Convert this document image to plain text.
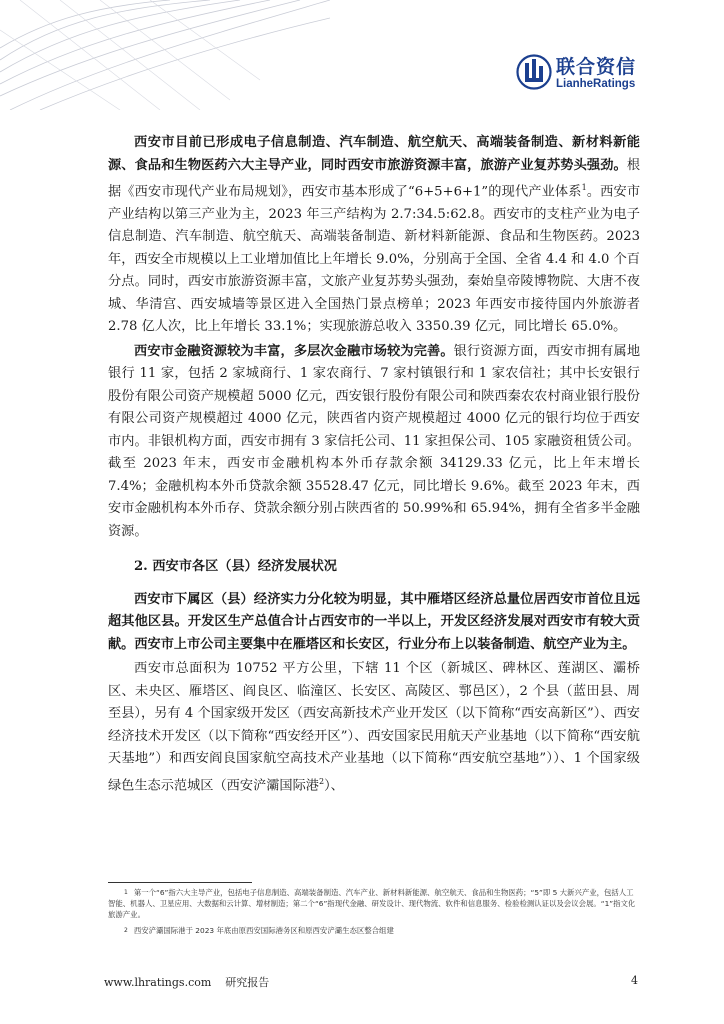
联合资信
LianheRatings

西安市目前已形成电子信息制造、汽车制造、航空航天、高端装备制造、新材料新能源、食品和生物医药六大主导产业，同时西安市旅游资源丰富，旅游产业复苏势头强劲。根据《西安市现代产业布局规划》，西安市基本形成了“6+5+6+1”的现代产业体系$^1$。西安市产业结构以第三产业为主，2023 年三产结构为 2.7:34.5:62.8。西安市的支柱产业为电子信息制造、汽车制造、航空航天、高端装备制造、新材料新能源、食品和生物医药。2023 年，西安全市规模以上工业增加值比上年增长 9.0%，分别高于全国、全省 4.4 和 4.0 个百分点。同时，西安市旅游资源丰富，文旅产业复苏势头强劲，秦始皇帝陵博物院、大唐不夜城、华清宫、西安城墙等景区进入全国热门景点榜单；2023 年西安市接待国内外旅游者 2.78 亿人次，比上年增长 33.1%；实现旅游总收入 3350.39 亿元，同比增长 65.0%。

西安市金融资源较为丰富，多层次金融市场较为完善。银行资源方面，西安市拥有属地银行 11 家，包括 2 家城商行、1 家农商行、7 家村镇银行和 1 家农信社；其中长安银行股份有限公司资产规模超 5000 亿元，西安银行股份有限公司和陕西秦农农村商业银行股份有限公司资产规模超过 4000 亿元，陕西省内资产规模超过 4000 亿元的银行均位于西安市内。非银机构方面，西安市拥有 3 家信托公司、11 家担保公司、105 家融资租赁公司。截至 2023 年末，西安市金融机构本外币存款余额 34129.33 亿元，比上年末增长 7.4%；金融机构本外币贷款余额 35528.47 亿元，同比增长 9.6%。截至 2023 年末，西安市金融机构本外币存、贷款余额分别占陕西省的 50.99%和 65.94%，拥有全省多半金融资源。

2. 西安市各区（县）经济发展状况

西安市下属区（县）经济实力分化较为明显，其中雁塔区经济总量位居西安市首位且远超其他区县。开发区生产总值合计占西安市的一半以上，开发区经济发展对西安市有较大贡献。西安市上市公司主要集中在雁塔区和长安区，行业分布上以装备制造、航空产业为主。

西安市总面积为 10752 平方公里，下辖 11 个区（新城区、碑林区、莲湖区、灞桥区、未央区、雁塔区、阎良区、临潼区、长安区、高陵区、鄠邑区），2 个县（蓝田县、周至县），另有 4 个国家级开发区（西安高新技术产业开发区（以下简称“西安高新区”）、西安经济技术开发区（以下简称“西安经开区”）、西安国家民用航天产业基地（以下简称“西安航天基地”）和西安阎良国家航空高技术产业基地（以下简称“西安航空基地”））、1 个国家级绿色生态示范城区（西安浐灞国际港$^2$）、

$^1$ 第一个“6”指六大主导产业，包括电子信息制造、高端装备制造、汽车产业、新材料新能源、航空航天、食品和生物医药；“5”即 5 大新兴产业，包括人工智能、机器人、卫星应用、大数据和云计算、增材制造；第二个“6”指现代金融、研发设计、现代物流、软件和信息服务、检验检测认证以及会议会展。“1”指文化旅游产业。
$^2$ 西安浐灞国际港于 2023 年底由原西安国际港务区和原西安浐灞生态区整合组建
www.lhratings.com 研究报告	4
